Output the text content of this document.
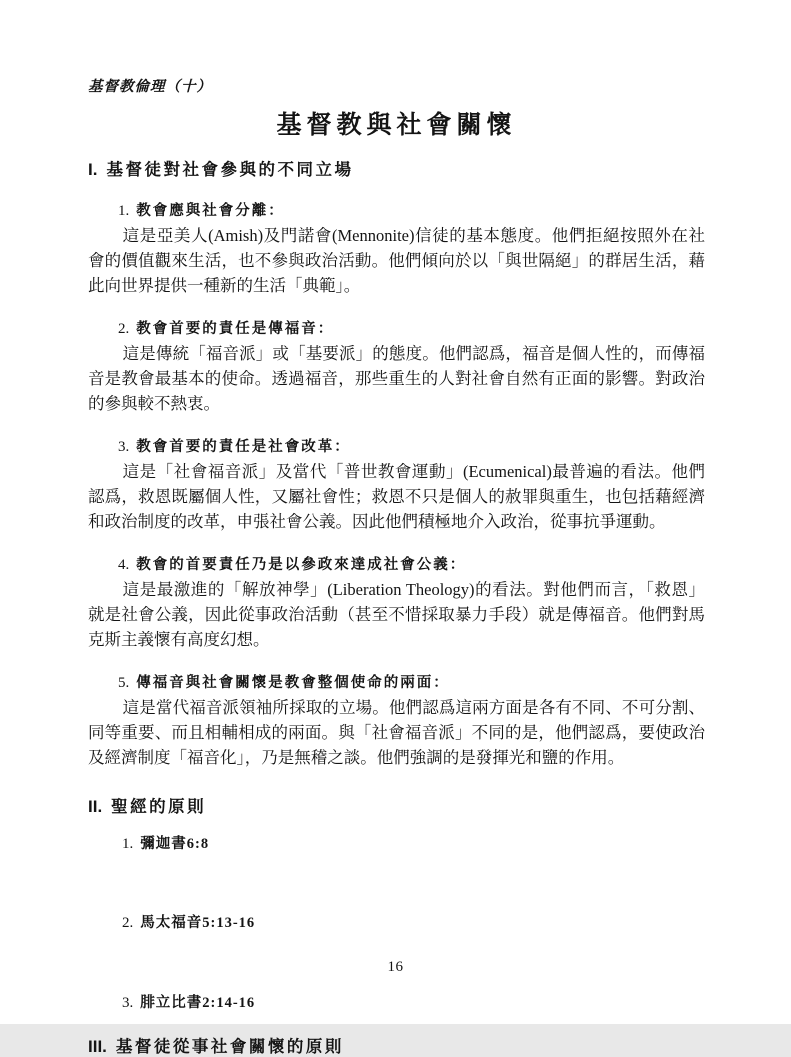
基督教倫理（十）
基督教與社會關懷
I. 基督徒對社會參與的不同立場
1. 教會應與社會分離：

這是亞美人(Amish)及門諾會(Mennonite)信徒的基本態度。他們拒絕按照外在社會的價值觀來生活，也不參與政治活動。他們傾向於以「與世隔絕」的群居生活，藉此向世界提供一種新的生活「典範」。

2. 教會首要的責任是傳福音：

這是傳統「福音派」或「基要派」的態度。他們認爲，福音是個人性的，而傳福音是教會最基本的使命。透過福音，那些重生的人對社會自然有正面的影響。對政治的參與較不熱衷。

3. 教會首要的責任是社會改革：

這是「社會福音派」及當代「普世教會運動」(Ecumenical)最普遍的看法。他們認爲，救恩既屬個人性，又屬社會性；救恩不只是個人的赦罪與重生，也包括藉經濟和政治制度的改革，申張社會公義。因此他們積極地介入政治，從事抗爭運動。

4. 教會的首要責任乃是以參政來達成社會公義：

這是最激進的「解放神學」(Liberation Theology)的看法。對他們而言，「救恩」就是社會公義，因此從事政治活動（甚至不惜採取暴力手段）就是傳福音。他們對馬克斯主義懷有高度幻想。

5. 傳福音與社會關懷是教會整個使命的兩面：

這是當代福音派領袖所採取的立場。他們認爲這兩方面是各有不同、不可分割、同等重要、而且相輔相成的兩面。與「社會福音派」不同的是，他們認爲，要使政治及經濟制度「福音化」，乃是無稽之談。他們強調的是發揮光和鹽的作用。

II. 聖經的原則
1. 彌迦書6:8
2. 馬太福音5:13-16
3. 腓立比書2:14-16
III. 基督徒從事社會關懷的原則
16
